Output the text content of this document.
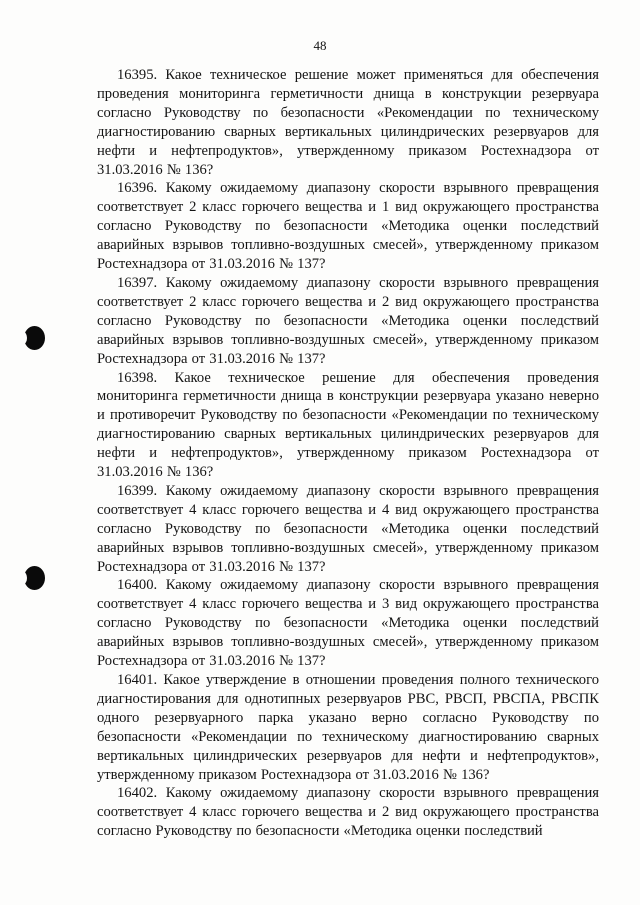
48

16395. Какое техническое решение может применяться для обеспечения проведения мониторинга герметичности днища в конструкции резервуара согласно Руководству по безопасности «Рекомендации по техническому диагностированию сварных вертикальных цилиндрических резервуаров для нефти и нефтепродуктов», утвержденному приказом Ростехнадзора от 31.03.2016 № 136?

16396. Какому ожидаемому диапазону скорости взрывного превращения соответствует 2 класс горючего вещества и 1 вид окружающего пространства согласно Руководству по безопасности «Методика оценки последствий аварийных взрывов топливно-воздушных смесей», утвержденному приказом Ростехнадзора от 31.03.2016 № 137?

16397. Какому ожидаемому диапазону скорости взрывного превращения соответствует 2 класс горючего вещества и 2 вид окружающего пространства согласно Руководству по безопасности «Методика оценки последствий аварийных взрывов топливно-воздушных смесей», утвержденному приказом Ростехнадзора от 31.03.2016 № 137?

16398. Какое техническое решение для обеспечения проведения мониторинга герметичности днища в конструкции резервуара указано неверно и противоречит Руководству по безопасности «Рекомендации по техническому диагностированию сварных вертикальных цилиндрических резервуаров для нефти и нефтепродуктов», утвержденному приказом Ростехнадзора от 31.03.2016 № 136?

16399. Какому ожидаемому диапазону скорости взрывного превращения соответствует 4 класс горючего вещества и 4 вид окружающего пространства согласно Руководству по безопасности «Методика оценки последствий аварийных взрывов топливно-воздушных смесей», утвержденному приказом Ростехнадзора от 31.03.2016 № 137?

16400. Какому ожидаемому диапазону скорости взрывного превращения соответствует 4 класс горючего вещества и 3 вид окружающего пространства согласно Руководству по безопасности «Методика оценки последствий аварийных взрывов топливно-воздушных смесей», утвержденному приказом Ростехнадзора от 31.03.2016 № 137?

16401. Какое утверждение в отношении проведения полного технического диагностирования для однотипных резервуаров РВС, РВСП, РВСПА, РВСПК одного резервуарного парка указано верно согласно Руководству по безопасности «Рекомендации по техническому диагностированию сварных вертикальных цилиндрических резервуаров для нефти и нефтепродуктов», утвержденному приказом Ростехнадзора от 31.03.2016 № 136?

16402. Какому ожидаемому диапазону скорости взрывного превращения соответствует 4 класс горючего вещества и 2 вид окружающего пространства согласно Руководству по безопасности «Методика оценки последствий
